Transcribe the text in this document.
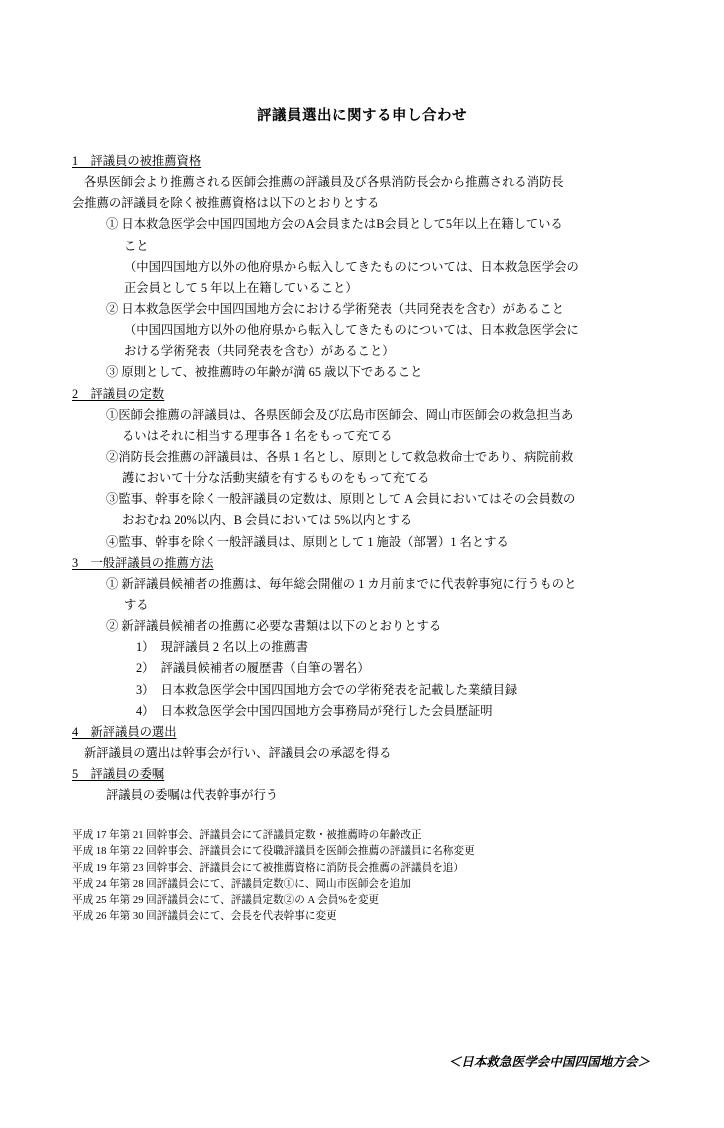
評議員選出に関する申し合わせ
1　評議員の被推薦資格
各県医師会より推薦される医師会推薦の評議員及び各県消防長会から推薦される消防長
会推薦の評議員を除く被推薦資格は以下のとおりとする
① 日本救急医学会中国四国地方会のA会員またはB会員として5年以上在籍している
こと
（中国四国地方以外の他府県から転入してきたものについては、日本救急医学会の
正会員として 5 年以上在籍していること）
② 日本救急医学会中国四国地方会における学術発表（共同発表を含む）があること
（中国四国地方以外の他府県から転入してきたものについては、日本救急医学会に
おける学術発表（共同発表を含む）があること）
③ 原則として、被推薦時の年齢が満 65 歳以下であること
2　評議員の定数
①医師会推薦の評議員は、各県医師会及び広島市医師会、岡山市医師会の救急担当あ
るいはそれに相当する理事各 1 名をもって充てる
②消防長会推薦の評議員は、各県 1 名とし、原則として救急救命士であり、病院前救
護において十分な活動実績を有するものをもって充てる
③監事、幹事を除く一般評議員の定数は、原則として A 会員においてはその会員数の
おおむね 20%以内、B 会員においては 5%以内とする
④監事、幹事を除く一般評議員は、原則として 1 施設（部署）1 名とする
3　一般評議員の推薦方法
① 新評議員候補者の推薦は、毎年総会開催の 1 カ月前までに代表幹事宛に行うものと
する
② 新評議員候補者の推薦に必要な書類は以下のとおりとする
1）　現評議員 2 名以上の推薦書
2）　評議員候補者の履歴書（自筆の署名）
3）　日本救急医学会中国四国地方会での学術発表を記載した業績目録
4）　日本救急医学会中国四国地方会事務局が発行した会員歴証明
4　新評議員の選出
新評議員の選出は幹事会が行い、評議員会の承認を得る
5　評議員の委嘱
評議員の委嘱は代表幹事が行う
平成 17 年第 21 回幹事会、評議員会にて評議員定数・被推薦時の年齢改正
平成 18 年第 22 回幹事会、評議員会にて役職評議員を医師会推薦の評議員に名称変更
平成 19 年第 23 回幹事会、評議員会にて被推薦資格に消防長会推薦の評議員を追）
平成 24 年第 28 回評議員会にて、評議員定数①に、岡山市医師会を追加
平成 25 年第 29 回評議員会にて、評議員定数②の A 会員%を変更
平成 26 年第 30 回評議員会にて、会長を代表幹事に変更
＜日本救急医学会中国四国地方会＞
